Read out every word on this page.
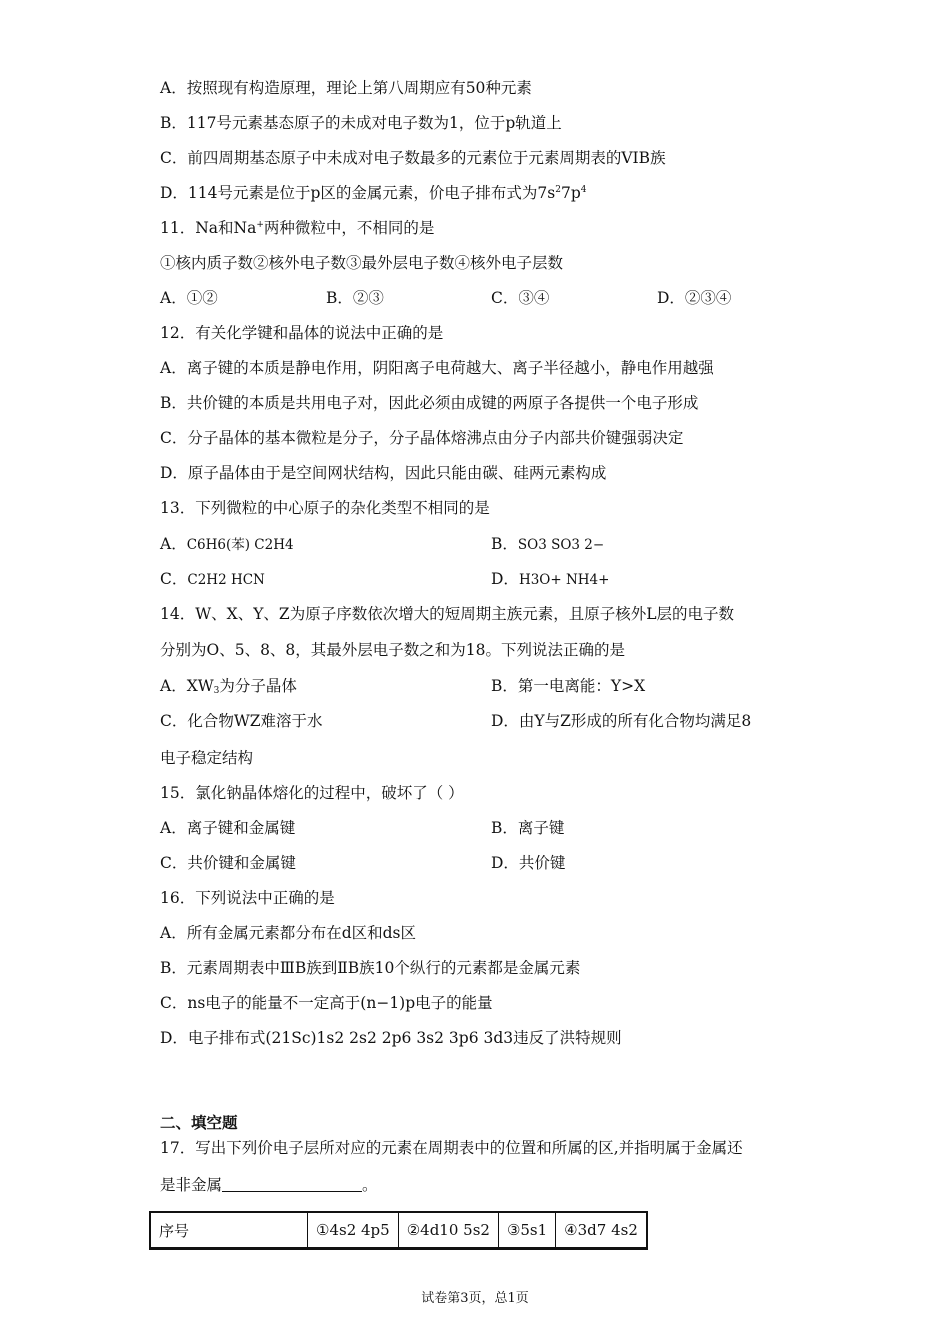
A．按照现有构造原理，理论上第八周期应有50种元素
B．117号元素基态原子的未成对电子数为1，位于p轨道上
C．前四周期基态原子中未成对电子数最多的元素位于元素周期表的VIB族
D．114号元素是位于p区的金属元素，价电子排布式为$7s^27p^4$
11．Na和Na+两种微粒中，不相同的是
①核内质子数②核外电子数③最外层电子数④核外电子层数
A．①②	B．②③	C．③④	D．②③④
12．有关化学键和晶体的说法中正确的是
A．离子键的本质是静电作用，阴阳离子电荷越大、离子半径越小，静电作用越强
B．共价键的本质是共用电子对，因此必须由成键的两原子各提供一个电子形成
C．分子晶体的基本微粒是分子，分子晶体熔沸点由分子内部共价键强弱决定
D．原子晶体由于是空间网状结构，因此只能由碳、硅两元素构成
13．下列微粒的中心原子的杂化类型不相同的是
A．C6H6(苯) C2H4	B．SO3 SO3 2−
C．C2H2 HCN	D．H3O+ NH4+
14．W、X、Y、Z为原子序数依次增大的短周期主族元素，且原子核外L层的电子数
分别为O、5、8、8，其最外层电子数之和为18。下列说法正确的是
A．$XW_3$为分子晶体	B．第一电离能：Y>X
C．化合物WZ难溶于水	D．由Y与Z形成的所有化合物均满足8
电子稳定结构
15．氯化钠晶体熔化的过程中，破坏了（ ）
A．离子键和金属键	B．离子键
C．共价键和金属键	D．共价键
16．下列说法中正确的是
A．所有金属元素都分布在d区和ds区
B．元素周期表中ⅢB族到ⅡB族10个纵行的元素都是金属元素
C．ns电子的能量不一定高于(n−1)p电子的能量
D．电子排布式(21Sc)1s2 2s2 2p6 3s2 3p6 3d3违反了洪特规则
二、填空题
17．写出下列价电子层所对应的元素在周期表中的位置和所属的区,并指明属于金属还
是非金属	。
序号	①4s2 4p5	②4d10 5s2	③5s1	④3d7 4s2
试卷第3页，总1页
